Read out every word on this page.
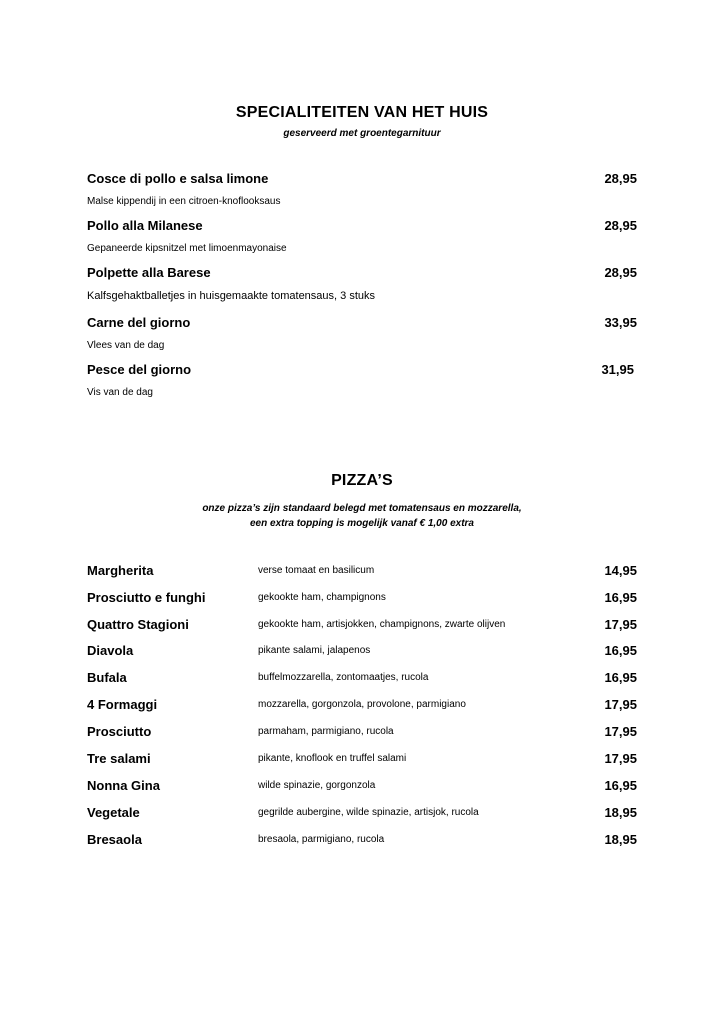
SPECIALITEITEN VAN HET HUIS
geserveerd met groentegarnituur
Cosce di pollo e salsa limone	28,95
Malse kippendij in een citroen-knoflooksaus
Pollo alla Milanese	28,95
Gepaneerde kipsnitzel met limoenmayonaise
Polpette alla Barese	28,95
Kalfsgehaktballetjes in huisgemaakte tomatensaus, 3 stuks
Carne del giorno	33,95
Vlees van de dag
Pesce del giorno	31,95
Vis van de dag
PIZZA’S
onze pizza’s zijn standaard belegd met tomatensaus en mozzarella,
een extra topping is mogelijk vanaf € 1,00 extra
Margherita	verse tomaat en basilicum	14,95
Prosciutto e funghi	gekookte ham, champignons	16,95
Quattro Stagioni	gekookte ham, artisjokken, champignons, zwarte olijven	17,95
Diavola	pikante salami, jalapenos	16,95
Bufala	buffelmozzarella, zontomaatjes, rucola	16,95
4 Formaggi	mozzarella, gorgonzola, provolone, parmigiano	17,95
Prosciutto	parmaham, parmigiano, rucola	17,95
Tre salami	pikante, knoflook en truffel salami	17,95
Nonna Gina	wilde spinazie, gorgonzola	16,95
Vegetale	gegrilde aubergine, wilde spinazie, artisjok, rucola	18,95
Bresaola	bresaola, parmigiano, rucola	18,95
